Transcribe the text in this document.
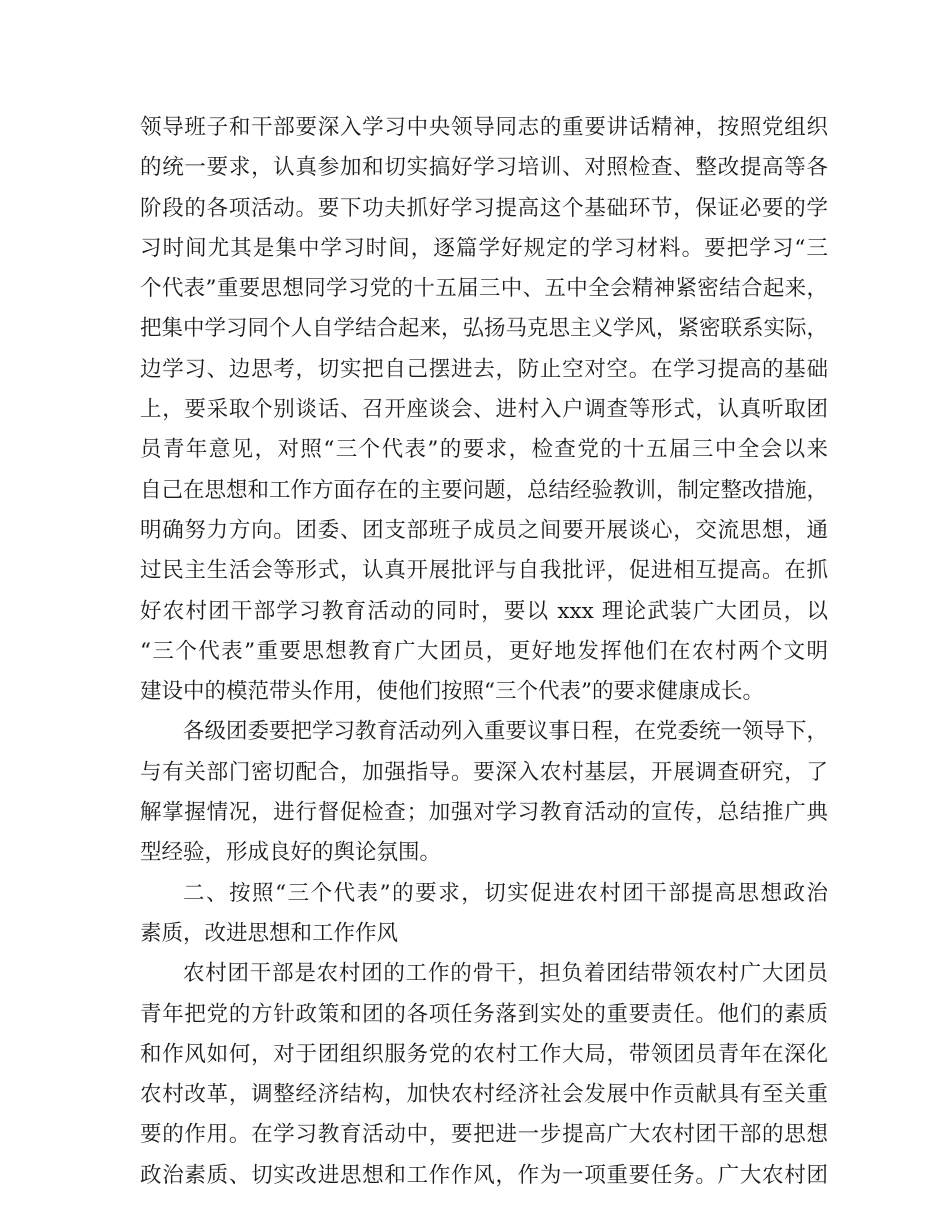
领导班子和干部要深入学习中央领导同志的重要讲话精神，按照党组织
的统一要求，认真参加和切实搞好学习培训、对照检查、整改提高等各
阶段的各项活动。要下功夫抓好学习提高这个基础环节，保证必要的学
习时间尤其是集中学习时间，逐篇学好规定的学习材料。要把学习“三
个代表”重要思想同学习党的十五届三中、五中全会精神紧密结合起来，
把集中学习同个人自学结合起来，弘扬马克思主义学风，紧密联系实际，
边学习、边思考，切实把自己摆进去，防止空对空。在学习提高的基础
上，要采取个别谈话、召开座谈会、进村入户调查等形式，认真听取团
员青年意见，对照“三个代表”的要求，检查党的十五届三中全会以来
自己在思想和工作方面存在的主要问题，总结经验教训，制定整改措施，
明确努力方向。团委、团支部班子成员之间要开展谈心，交流思想，通
过民主生活会等形式，认真开展批评与自我批评，促进相互提高。在抓
好农村团干部学习教育活动的同时，要以 xxx 理论武装广大团员，以
“三个代表”重要思想教育广大团员，更好地发挥他们在农村两个文明
建设中的模范带头作用，使他们按照“三个代表”的要求健康成长。
各级团委要把学习教育活动列入重要议事日程，在党委统一领导下，
与有关部门密切配合，加强指导。要深入农村基层，开展调查研究，了
解掌握情况，进行督促检查；加强对学习教育活动的宣传，总结推广典
型经验，形成良好的舆论氛围。
二、按照“三个代表”的要求，切实促进农村团干部提高思想政治
素质，改进思想和工作作风
农村团干部是农村团的工作的骨干，担负着团结带领农村广大团员
青年把党的方针政策和团的各项任务落到实处的重要责任。他们的素质
和作风如何，对于团组织服务党的农村工作大局，带领团员青年在深化
农村改革，调整经济结构，加快农村经济社会发展中作贡献具有至关重
要的作用。在学习教育活动中，要把进一步提高广大农村团干部的思想
政治素质、切实改进思想和工作作风，作为一项重要任务。广大农村团
